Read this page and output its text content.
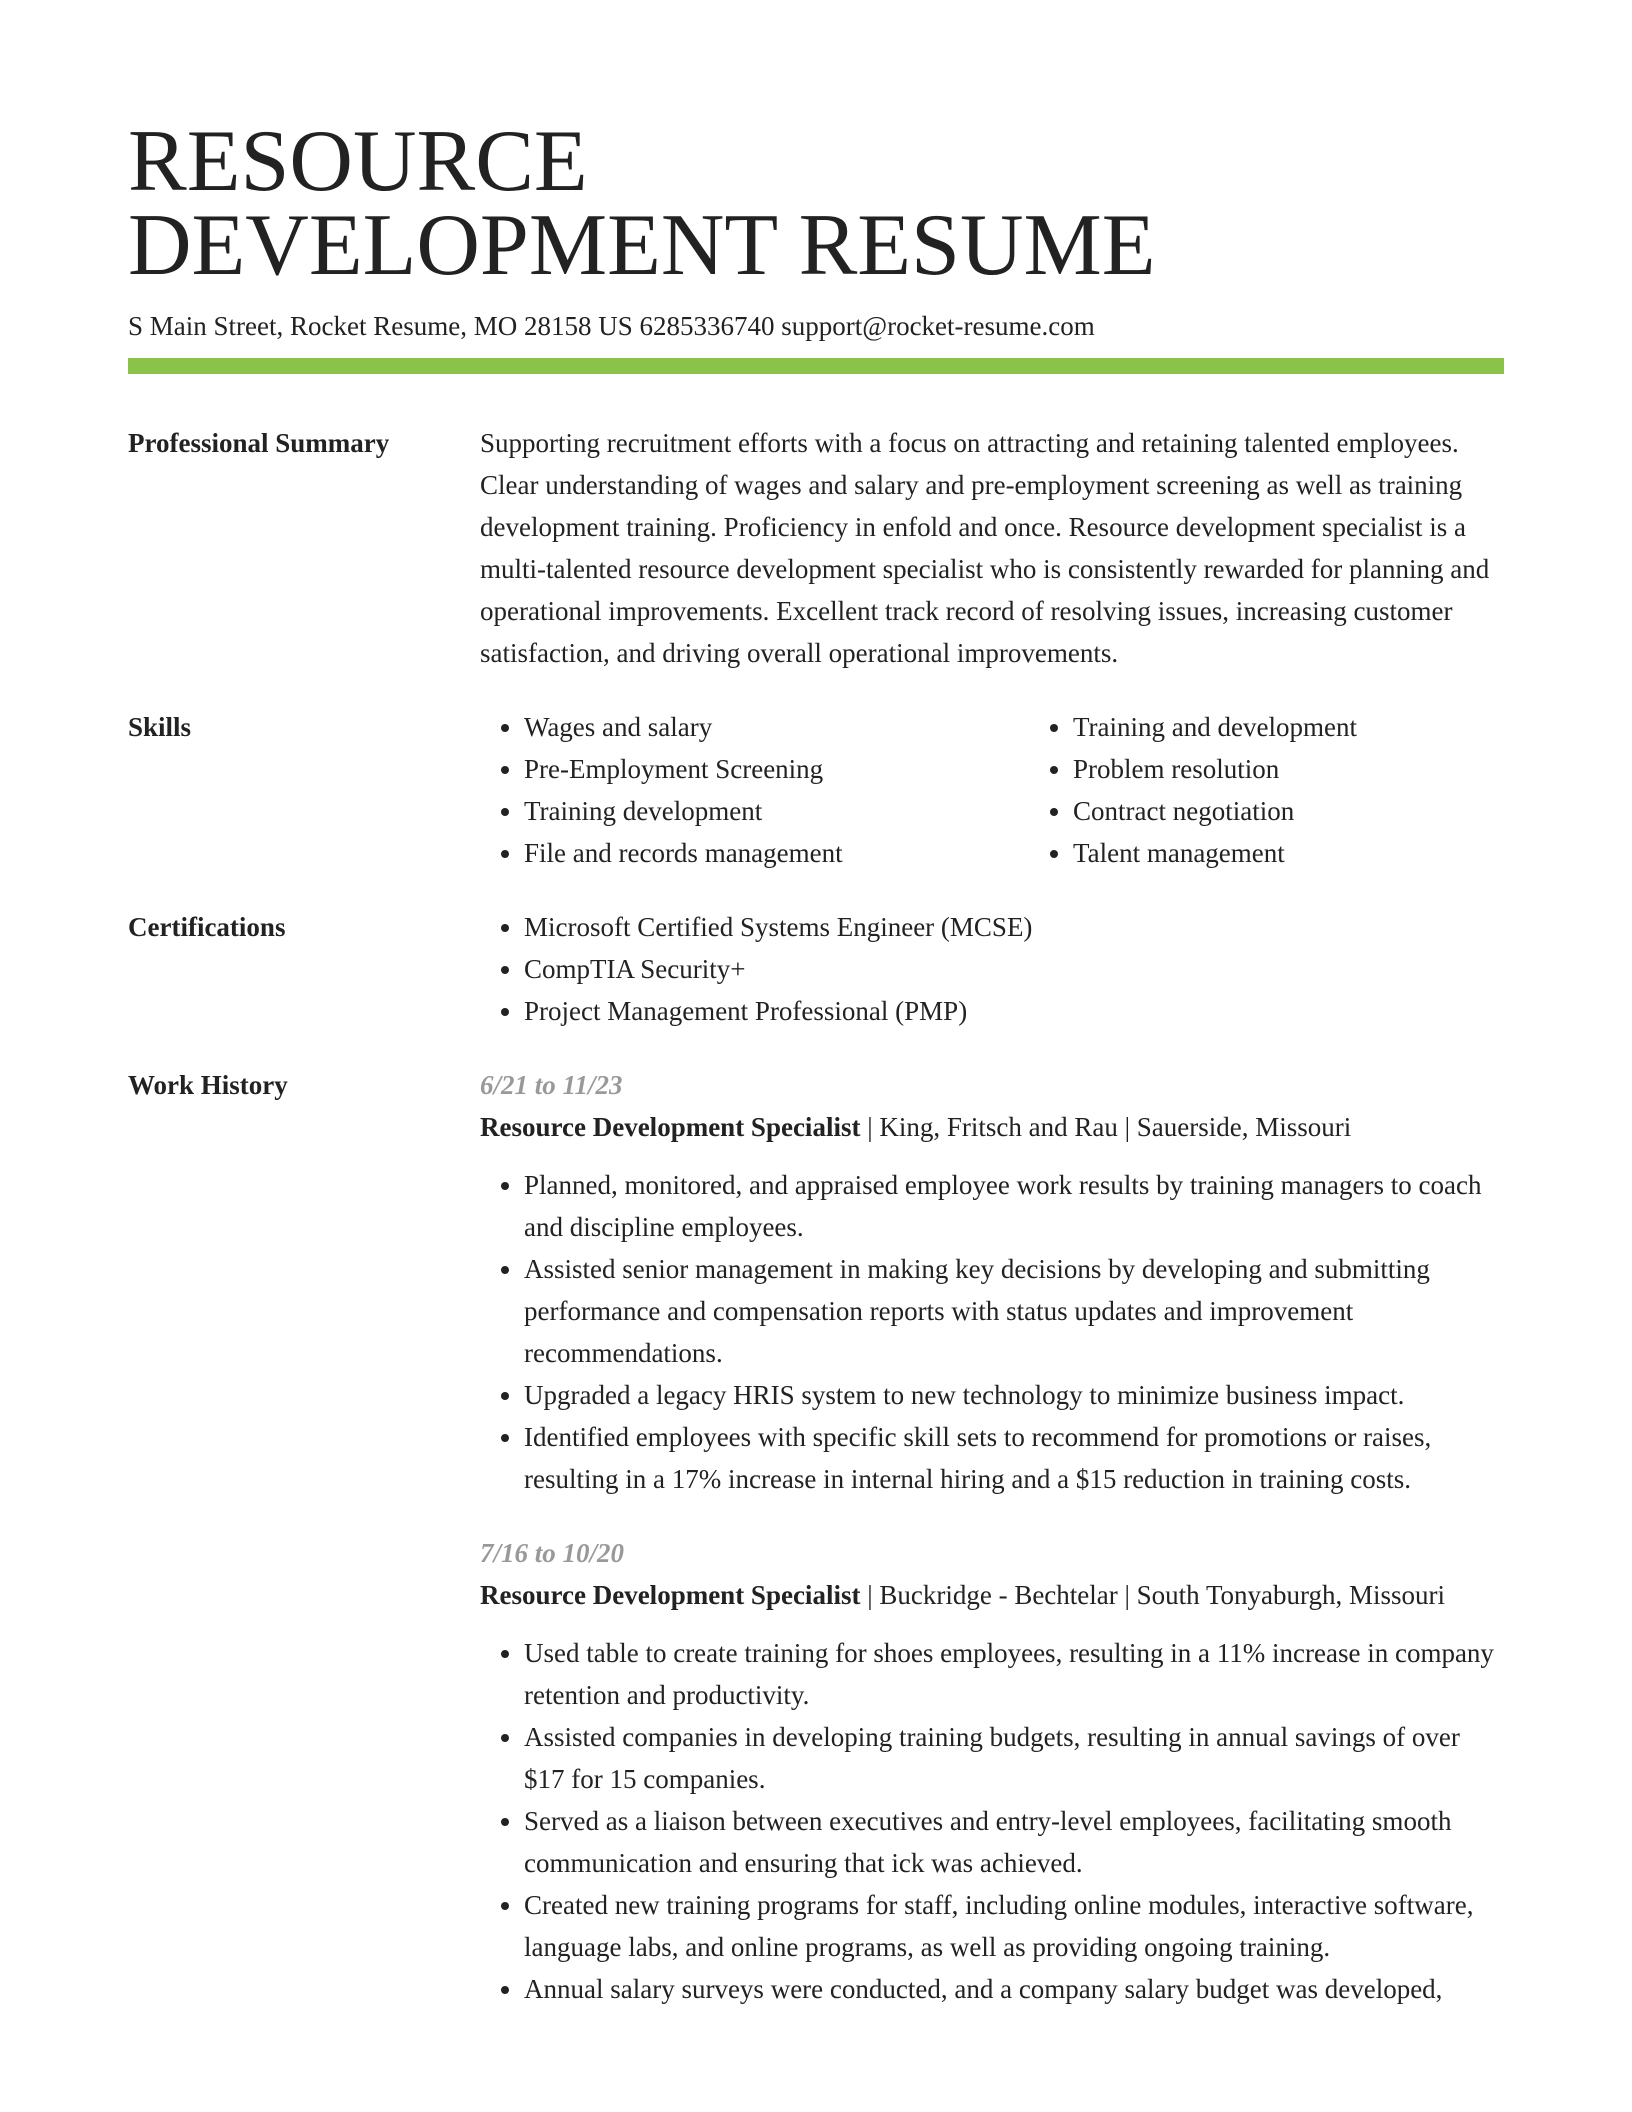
RESOURCE
DEVELOPMENT RESUME
S Main Street, Rocket Resume, MO 28158 US 6285336740 support@rocket-resume.com
Professional Summary	Supporting recruitment efforts with a focus on attracting and retaining talented employees. Clear understanding of wages and salary and pre-employment screening as well as training development training. Proficiency in enfold and once. Resource development specialist is a multi-talented resource development specialist who is consistently rewarded for planning and operational improvements. Excellent track record of resolving issues, increasing customer satisfaction, and driving overall operational improvements.
Skills	• Wages and salary
• Pre-Employment Screening
• Training development
• File and records management
• Training and development
• Problem resolution
• Contract negotiation
• Talent management
Certifications	• Microsoft Certified Systems Engineer (MCSE)
• CompTIA Security+
• Project Management Professional (PMP)
Work History	6/21 to 11/23
Resource Development Specialist | King, Fritsch and Rau | Sauerside, Missouri
• Planned, monitored, and appraised employee work results by training managers to coach and discipline employees.
• Assisted senior management in making key decisions by developing and submitting performance and compensation reports with status updates and improvement recommendations.
• Upgraded a legacy HRIS system to new technology to minimize business impact.
• Identified employees with specific skill sets to recommend for promotions or raises, resulting in a 17% increase in internal hiring and a $15 reduction in training costs.
7/16 to 10/20
Resource Development Specialist | Buckridge - Bechtelar | South Tonyaburgh, Missouri
• Used table to create training for shoes employees, resulting in a 11% increase in company retention and productivity.
• Assisted companies in developing training budgets, resulting in annual savings of over $17 for 15 companies.
• Served as a liaison between executives and entry-level employees, facilitating smooth communication and ensuring that ick was achieved.
• Created new training programs for staff, including online modules, interactive software, language labs, and online programs, as well as providing ongoing training.
• Annual salary surveys were conducted, and a company salary budget was developed,
